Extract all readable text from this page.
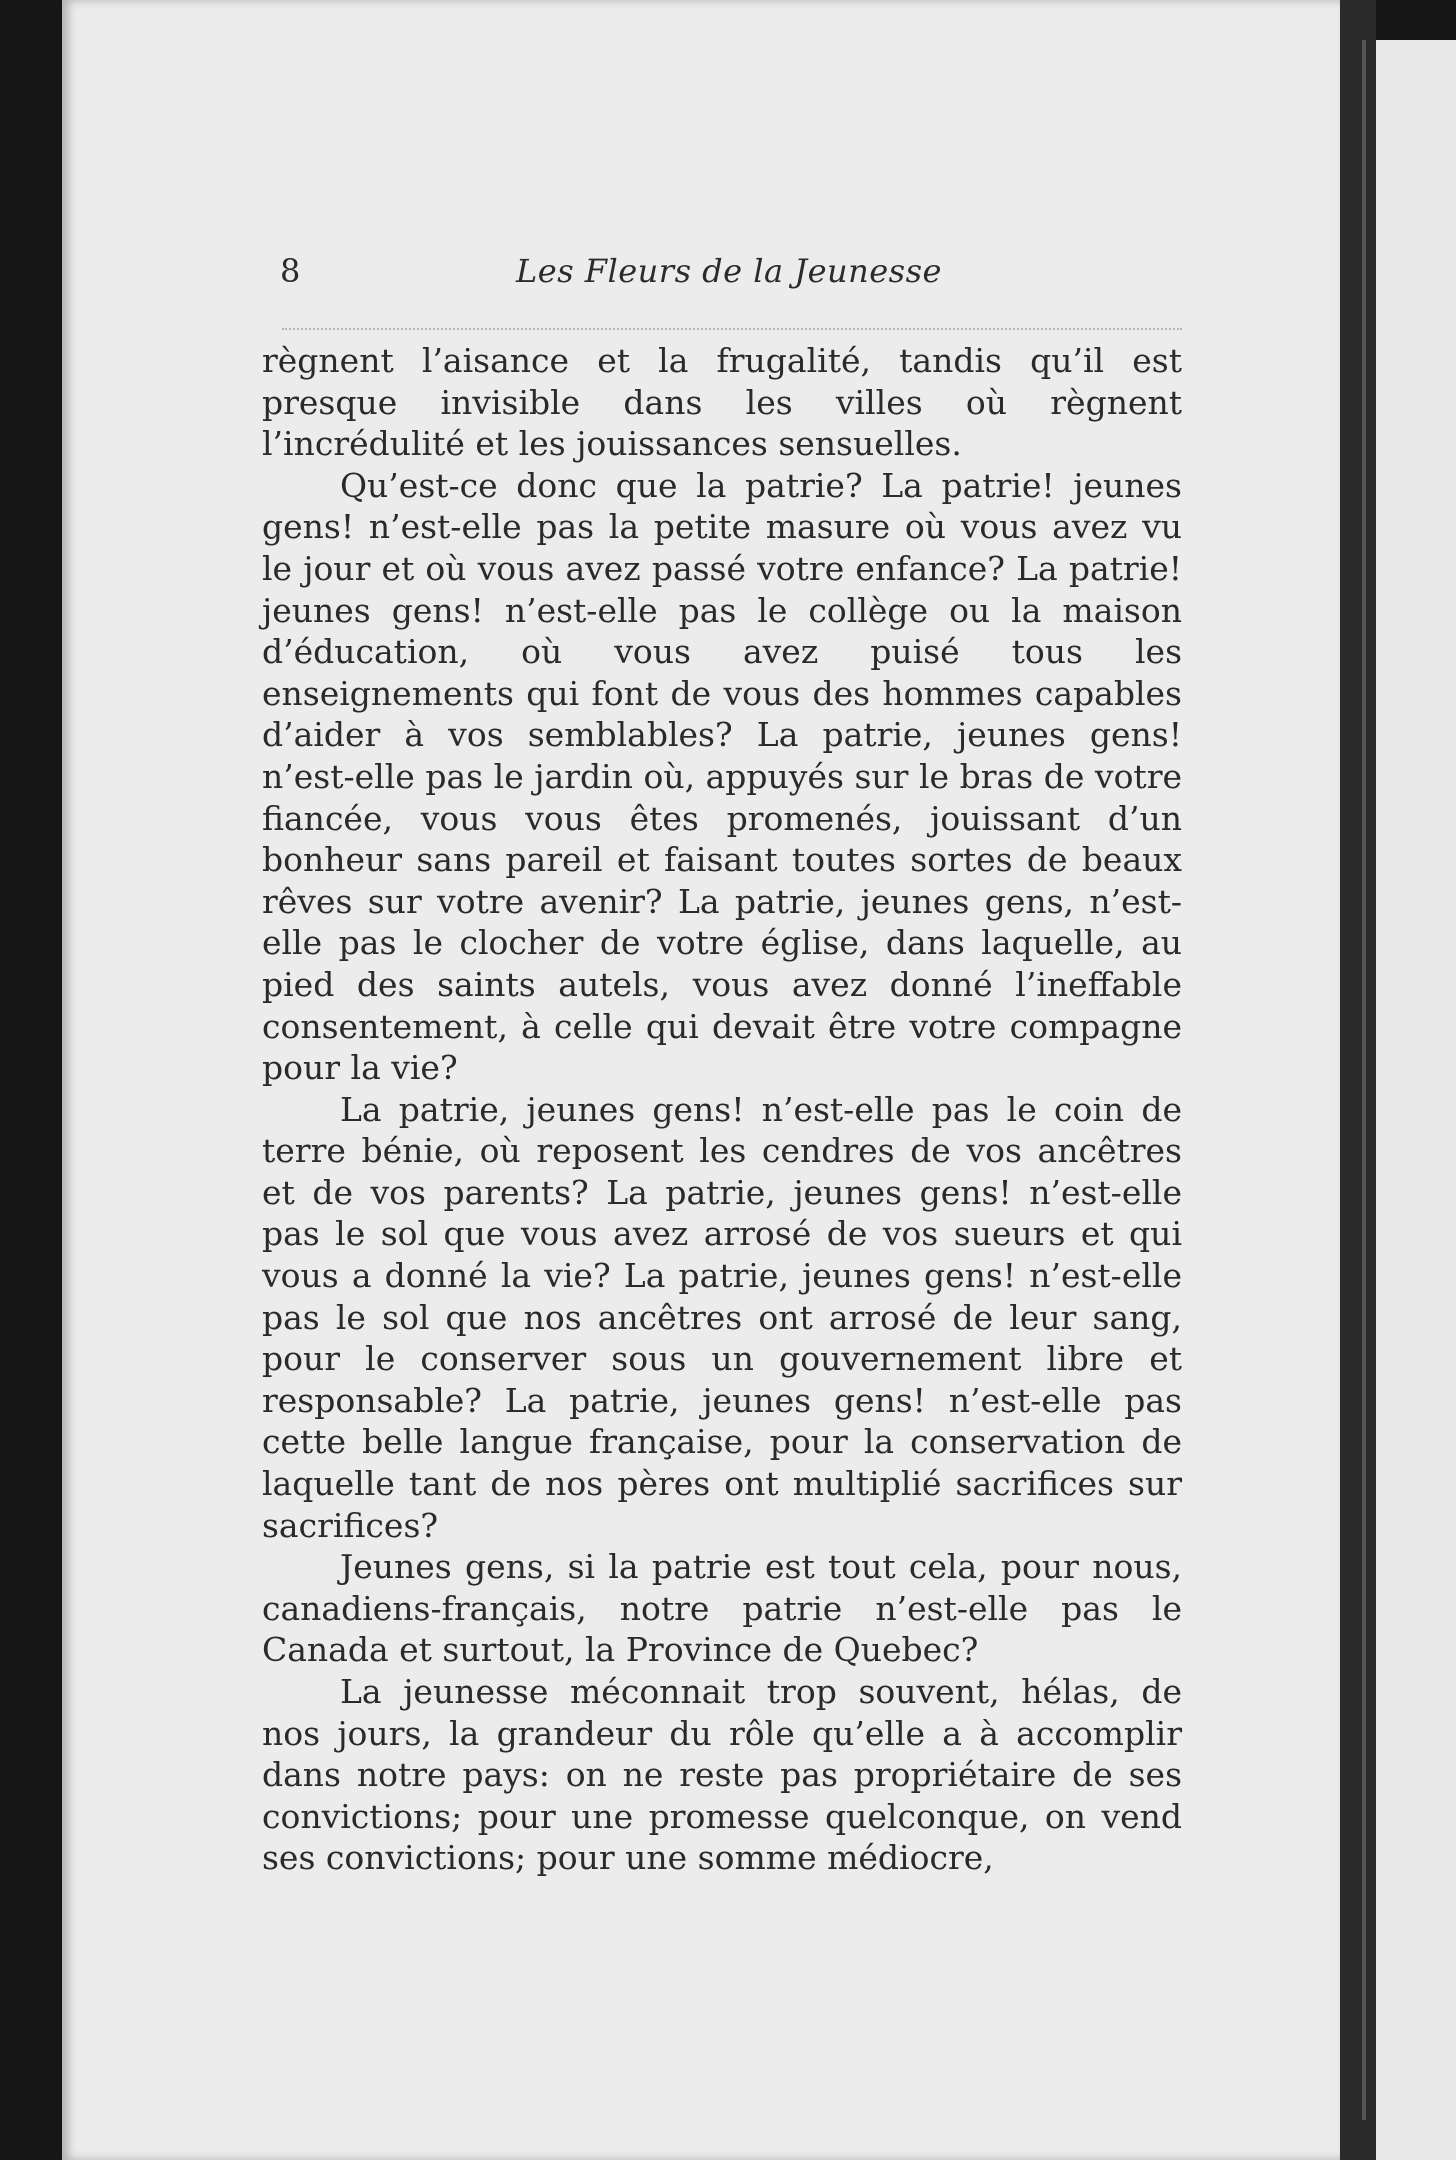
8	Les Fleurs de la Jeunesse

règnent l’aisance et la frugalité, tandis qu’il est presque invisible dans les villes où règnent l’incrédulité et les jouissances sensuelles.

Qu’est-ce donc que la patrie? La patrie! jeunes gens! n’est-elle pas la petite masure où vous avez vu le jour et où vous avez passé votre enfance? La patrie! jeunes gens! n’est-elle pas le collège ou la maison d’éducation, où vous avez puisé tous les enseignements qui font de vous des hommes capables d’aider à vos semblables? La patrie, jeunes gens! n’est-elle pas le jardin où, appuyés sur le bras de votre fiancée, vous vous êtes promenés, jouissant d’un bonheur sans pareil et faisant toutes sortes de beaux rêves sur votre avenir? La patrie, jeunes gens, n’est-elle pas le clocher de votre église, dans laquelle, au pied des saints autels, vous avez donné l’ineffable consentement, à celle qui devait être votre compagne pour la vie?

La patrie, jeunes gens! n’est-elle pas le coin de terre bénie, où reposent les cendres de vos ancêtres et de vos parents? La patrie, jeunes gens! n’est-elle pas le sol que vous avez arrosé de vos sueurs et qui vous a donné la vie? La patrie, jeunes gens! n’est-elle pas le sol que nos ancêtres ont arrosé de leur sang, pour le conserver sous un gouvernement libre et responsable? La patrie, jeunes gens! n’est-elle pas cette belle langue française, pour la conservation de laquelle tant de nos pères ont multiplié sacrifices sur sacrifices?

Jeunes gens, si la patrie est tout cela, pour nous, canadiens-français, notre patrie n’est-elle pas le Canada et surtout, la Province de Quebec?

La jeunesse méconnait trop souvent, hélas, de nos jours, la grandeur du rôle qu’elle a à accomplir dans notre pays: on ne reste pas propriétaire de ses convictions; pour une promesse quelconque, on vend ses convictions; pour une somme médiocre,
